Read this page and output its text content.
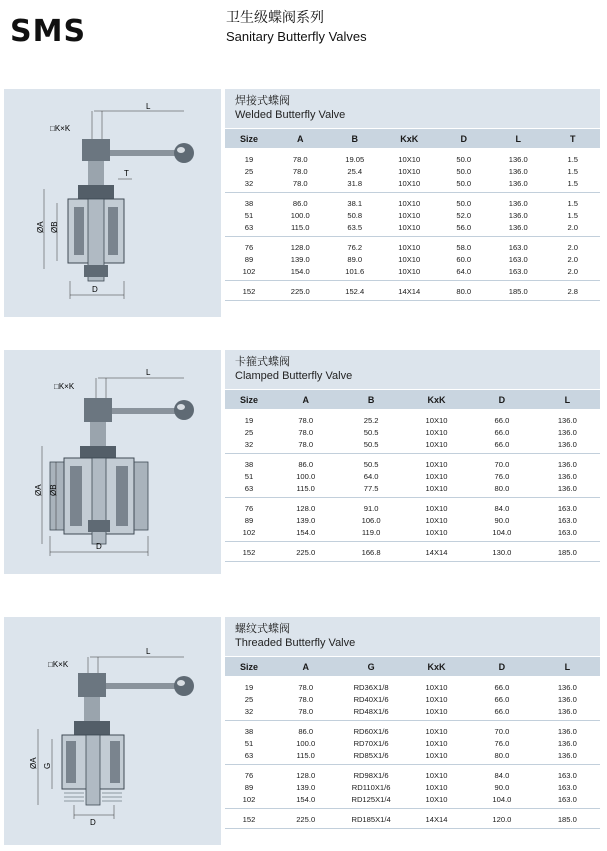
SMS	卫生级蝶阀系列
Sanitary Butterfly Valves
L
□K×K
T
ØA ØB
D
焊接式蝶阀
Welded Butterfly Valve
Size	A	B	KxK	D	L	T
19	78.0	19.05	10X10	50.0	136.0	1.5
25	78.0	25.4	10X10	50.0	136.0	1.5
32	78.0	31.8	10X10	50.0	136.0	1.5
38	86.0	38.1	10X10	50.0	136.0	1.5
51	100.0	50.8	10X10	52.0	136.0	1.5
63	115.0	63.5	10X10	56.0	136.0	2.0
76	128.0	76.2	10X10	58.0	163.0	2.0
89	139.0	89.0	10X10	60.0	163.0	2.0
102	154.0	101.6	10X10	64.0	163.0	2.0
152	225.0	152.4	14X14	80.0	185.0	2.8
L
□K×K
ØA ØB
D
卡箍式蝶阀
Clamped Butterfly Valve
Size	A	B	KxK	D	L
19	78.0	25.2	10X10	66.0	136.0
25	78.0	50.5	10X10	66.0	136.0
32	78.0	50.5	10X10	66.0	136.0
38	86.0	50.5	10X10	70.0	136.0
51	100.0	64.0	10X10	76.0	136.0
63	115.0	77.5	10X10	80.0	136.0
76	128.0	91.0	10X10	84.0	163.0
89	139.0	106.0	10X10	90.0	163.0
102	154.0	119.0	10X10	104.0	163.0
152	225.0	166.8	14X14	130.0	185.0
L
□K×K
ØA G
D
螺纹式蝶阀
Threaded Butterfly Valve
Size	A	G	KxK	D	L
19	78.0	RD36X1/8	10X10	66.0	136.0
25	78.0	RD40X1/6	10X10	66.0	136.0
32	78.0	RD48X1/6	10X10	66.0	136.0
38	86.0	RD60X1/6	10X10	70.0	136.0
51	100.0	RD70X1/6	10X10	76.0	136.0
63	115.0	RD85X1/6	10X10	80.0	136.0
76	128.0	RD98X1/6	10X10	84.0	163.0
89	139.0	RD110X1/6	10X10	90.0	163.0
102	154.0	RD125X1/4	10X10	104.0	163.0
152	225.0	RD185X1/4	14X14	120.0	185.0
